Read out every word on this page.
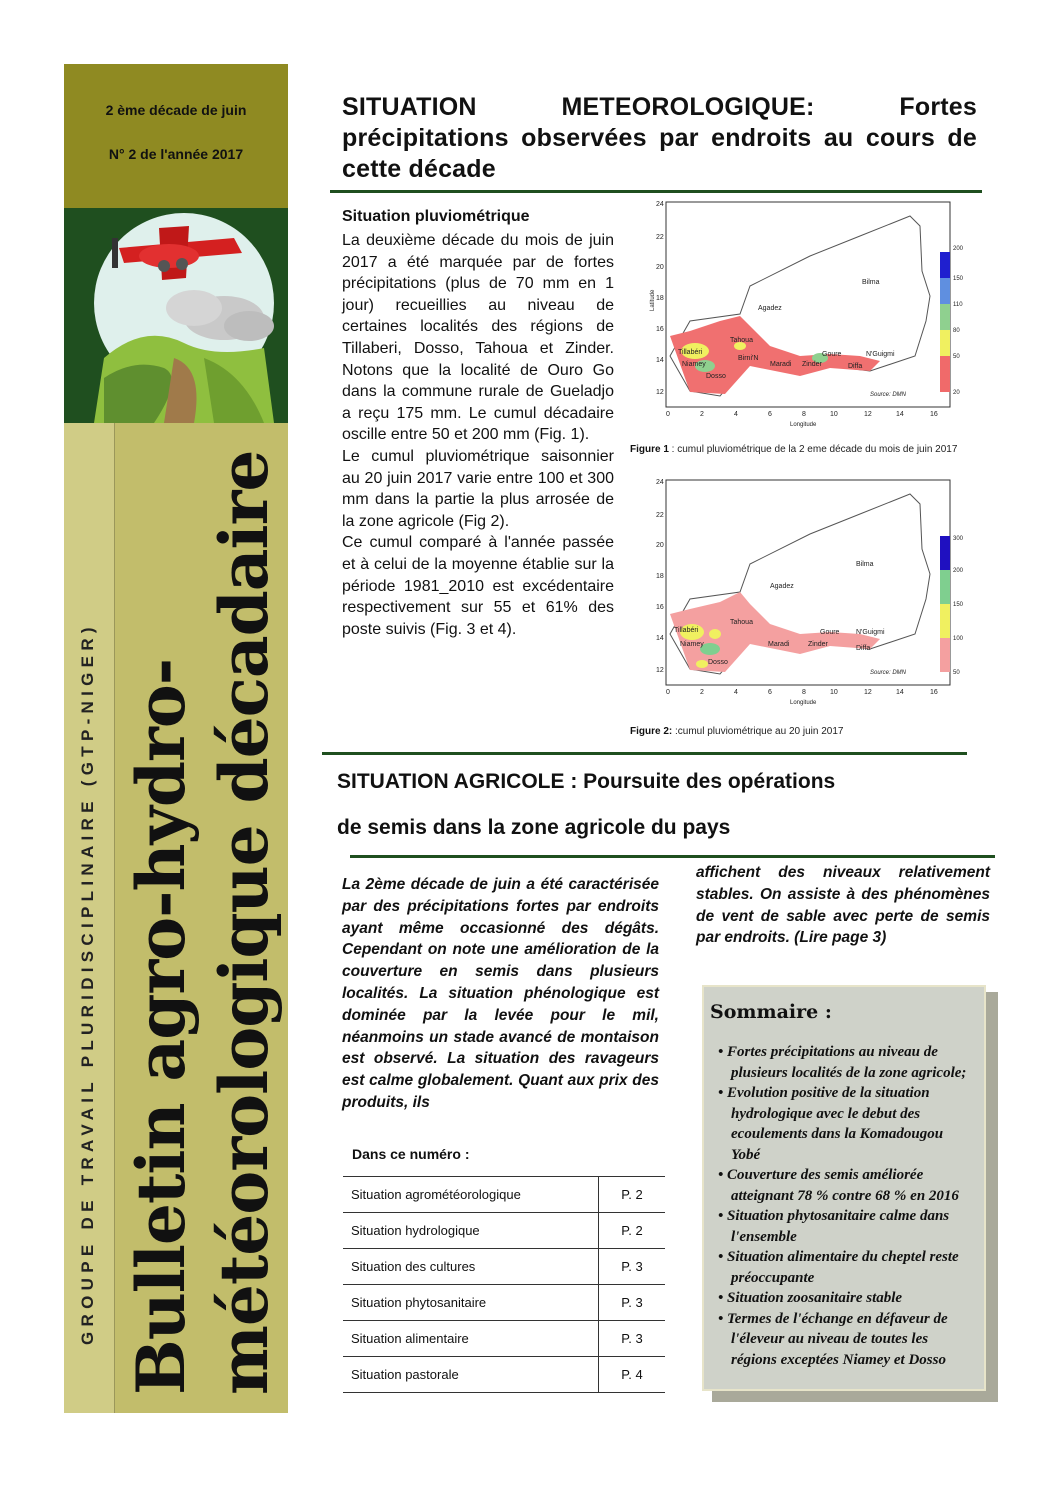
2 ème décade de juin
N° 2 de l'année 2017
GROUPE DE TRAVAIL PLURIDISCIPLINAIRE (GTP-NIGER) Bulletin agro-hydro- météorologique décadaire
SITUATION METEOROLOGIQUE: Fortes précipitations observées par endroits au cours de cette décade
Situation pluviométrique

La deuxième décade du mois de juin 2017 a été marquée par de fortes précipitations (plus de 70 mm en 1 jour) recueillies au niveau de certaines localités des régions de Tillaberi, Dosso, Tahoua et Zinder. Notons que la localité de Ouro Go dans la commune rurale de Gueladjo a reçu 175 mm. Le cumul décadaire oscille entre 50 et 200 mm (Fig. 1).

Le cumul pluviométrique saisonnier au 20 juin 2017 varie entre 100 et 300 mm dans la partie la plus arrosée de la zone agricole (Fig 2).

Ce cumul comparé à l'année passée et à celui de la moyenne établie sur la période 1981_2010 est excédentaire respectivement sur 55 et 61% des poste suivis (Fig. 3 et 4).

24
22
20
18
16
14
12
0	2	4	6	8	10	12	14	16
Longitude
Latitude
Source: DMN
Bilma
Agadez
Tahoua
Tillabéri
Niamey
Dosso
Birni'N
Maradi Zinder
Goure	N'Guigmi
Diffa
200
150
110
80
50
20
Figure 1 : cumul pluviométrique de la 2 eme décade du mois de juin 2017
24
22
20
18
16
14
12
0	2	4	6	8	10	12	14	16
Longitude
Source: DMN
Bilma
Agadez
Tahoua
Tillabéri
Niamey
Dosso
Maradi	Zinder
Goure N'Guigmi
Diffa
300
200
150
100
50
Figure 2: :cumul pluviométrique au 20 juin 2017
SITUATION AGRICOLE : Poursuite des opérations
de semis dans la zone agricole du pays
La 2ème décade de juin a été caractérisée par des précipitations fortes par endroits ayant même occasionné des dégâts. Cependant on note une amélioration de la couverture en semis dans plusieurs localités. La situation phénologique est dominée par la levée pour le mil, néanmoins un stade avancé de montaison est observé. La situation des ravageurs est calme globalement. Quant aux prix des produits, ils
affichent des niveaux relativement stables. On assiste à des phénomènes de vent de sable avec perte de semis par endroits. (Lire page 3)
Dans ce numéro :
Situation agrométéorologique	P. 2
Situation hydrologique	P. 2
Situation des cultures	P. 3
Situation phytosanitaire	P. 3
Situation alimentaire	P. 3
Situation pastorale	P. 4
Sommaire :
• Fortes précipitations au niveau de plusieurs localités de la zone agricole;
• Evolution positive de la situation hydrologique avec le debut des ecoulements dans la Komadougou Yobé
• Couverture des semis améliorée atteignant 78 % contre 68 % en 2016
• Situation phytosanitaire calme dans l'ensemble
• Situation alimentaire du cheptel reste préoccupante
• Situation zoosanitaire stable
• Termes de l'échange en défaveur de l'éleveur au niveau de toutes les régions exceptées Niamey et Dosso
